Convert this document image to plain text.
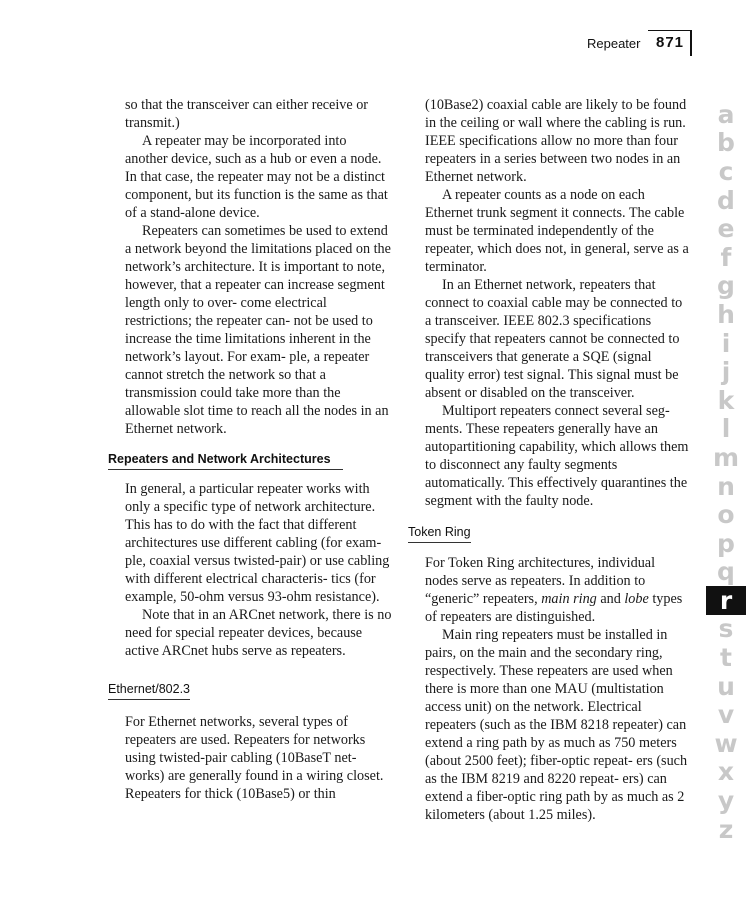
Repeater 871

so that the transceiver can either receive or transmit.)

A repeater may be incorporated into another device, such as a hub or even a node. In that case, the repeater may not be a distinct component, but its function is the same as that of a stand-alone device.

Repeaters can sometimes be used to extend a network beyond the limitations placed on the network’s architecture. It is important to note, however, that a repeater can increase segment length only to over- come electrical restrictions; the repeater can- not be used to increase the time limitations inherent in the network’s layout. For exam- ple, a repeater cannot stretch the network so that a transmission could take more than the allowable slot time to reach all the nodes in an Ethernet network.

Repeaters and Network Architectures

In general, a particular repeater works with only a specific type of network architecture. This has to do with the fact that different architectures use different cabling (for exam- ple, coaxial versus twisted-pair) or use cabling with different electrical characteris- tics (for example, 50-ohm versus 93-ohm resistance).

Note that in an ARCnet network, there is no need for special repeater devices, because active ARCnet hubs serve as repeaters.

Ethernet/802.3

For Ethernet networks, several types of repeaters are used. Repeaters for networks using twisted-pair cabling (10BaseT net- works) are generally found in a wiring closet. Repeaters for thick (10Base5) or thin

(10Base2) coaxial cable are likely to be found in the ceiling or wall where the cabling is run. IEEE specifications allow no more than four repeaters in a series between two nodes in an Ethernet network.

A repeater counts as a node on each Ethernet trunk segment it connects. The cable must be terminated independently of the repeater, which does not, in general, serve as a terminator.

In an Ethernet network, repeaters that connect to coaxial cable may be connected to a transceiver. IEEE 802.3 specifications specify that repeaters cannot be connected to transceivers that generate a SQE (signal quality error) test signal. This signal must be absent or disabled on the transceiver.

Multiport repeaters connect several seg- ments. These repeaters generally have an autopartitioning capability, which allows them to disconnect any faulty segments automatically. This effectively quarantines the segment with the faulty node.

Token Ring

For Token Ring architectures, individual nodes serve as repeaters. In addition to “generic” repeaters, main ring and lobe types of repeaters are distinguished.

Main ring repeaters must be installed in pairs, on the main and the secondary ring, respectively. These repeaters are used when there is more than one MAU (multistation access unit) on the network. Electrical repeaters (such as the IBM 8218 repeater) can extend a ring path by as much as 750 meters (about 2500 feet); fiber-optic repeat- ers (such as the IBM 8219 and 8220 repeat- ers) can extend a fiber-optic ring path by as much as 2 kilometers (about 1.25 miles).

a
b
c
d
e
f
g
h
i
j
k
l
m
n
o
p
q
r
s
t
u
v
w
x
y
z
